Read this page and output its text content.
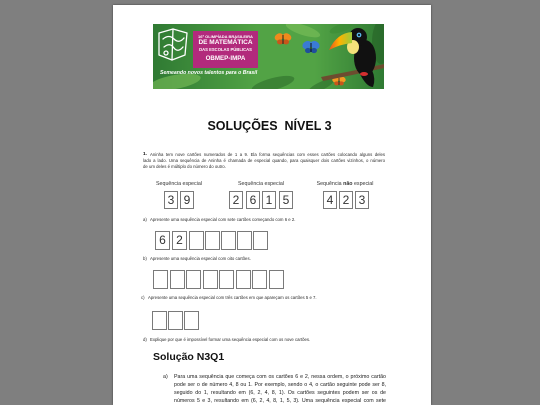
16ª OLIMPÍADA BRASILEIRA
DE MATEMÁTICA
DAS ESCOLAS PÚBLICAS
OBMEP-IMPA
Semeando novos talentos para o Brasil
SOLUÇÕES  NÍVEL 3
1. Aninha tem nove cartões numerados de 1 a 9. Ela forma sequências com esses cartões colocando alguns deles
lado a lado. Uma sequência de Aninha é chamada de especial quando, para quaisquer dois cartões vizinhos, o número
de um deles é múltiplo do número do outro.
Sequência especial	Sequência especial	Sequência não especial
3 9	2 6 1 5	4 2 3
a) Apresente uma sequência especial com sete cartões começando com 6 e 2.
6 2
b) Apresente uma sequência especial com oito cartões.
c) Apresente uma sequência especial com três cartões em que apareçam os cartões 5 e 7.
d) Explique por que é impossível formar uma sequência especial com os nove cartões.
Solução N3Q1
a) Para uma sequência que começa com os cartões 6 e 2, nessa ordem, o próximo cartão
pode ser o de número 4, 8 ou 1. Por exemplo, sendo o 4, o cartão seguinte pode ser 8,
seguido do 1, resultando em (6, 2, 4, 8, 1). Os cartões seguintes podem ser os de
números 5 e 3, resultando em (6, 2, 4, 8, 1, 5, 3). Uma sequência especial com sete
